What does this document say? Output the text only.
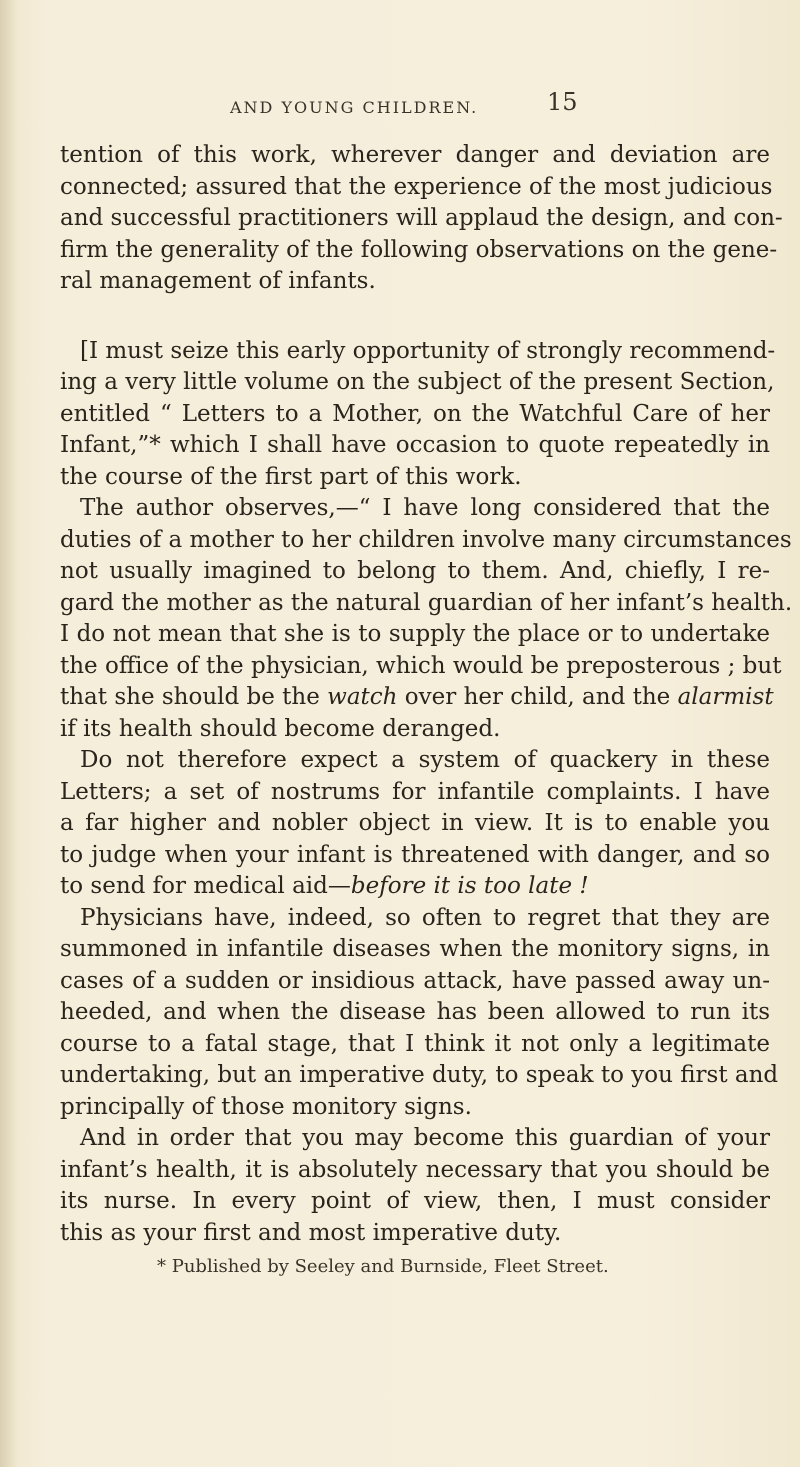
AND YOUNG CHILDREN.	15
tention of this work, wherever danger and deviation are
connected; assured that the experience of the most judicious
and successful practitioners will applaud the design, and con-
firm the generality of the following observations on the gene-
ral management of infants.
[I must seize this early opportunity of strongly recommend-
ing a very little volume on the subject of the present Section,
entitled “ Letters to a Mother, on the Watchful Care of her
Infant,”* which I shall have occasion to quote repeatedly in
the course of the first part of this work.
The author observes,—“ I have long considered that the
duties of a mother to her children involve many circumstances
not usually imagined to belong to them. And, chiefly, I re-
gard the mother as the natural guardian of her infant’s health.
I do not mean that she is to supply the place or to undertake
the office of the physician, which would be preposterous ; but
that she should be the watch over her child, and the alarmist
if its health should become deranged.
Do not therefore expect a system of quackery in these
Letters; a set of nostrums for infantile complaints. I have
a far higher and nobler object in view. It is to enable you
to judge when your infant is threatened with danger, and so
to send for medical aid—before it is too late !
Physicians have, indeed, so often to regret that they are
summoned in infantile diseases when the monitory signs, in
cases of a sudden or insidious attack, have passed away un-
heeded, and when the disease has been allowed to run its
course to a fatal stage, that I think it not only a legitimate
undertaking, but an imperative duty, to speak to you first and
principally of those monitory signs.
And in order that you may become this guardian of your
infant’s health, it is absolutely necessary that you should be
its nurse. In every point of view, then, I must consider
this as your first and most imperative duty.
* Published by Seeley and Burnside, Fleet Street.
